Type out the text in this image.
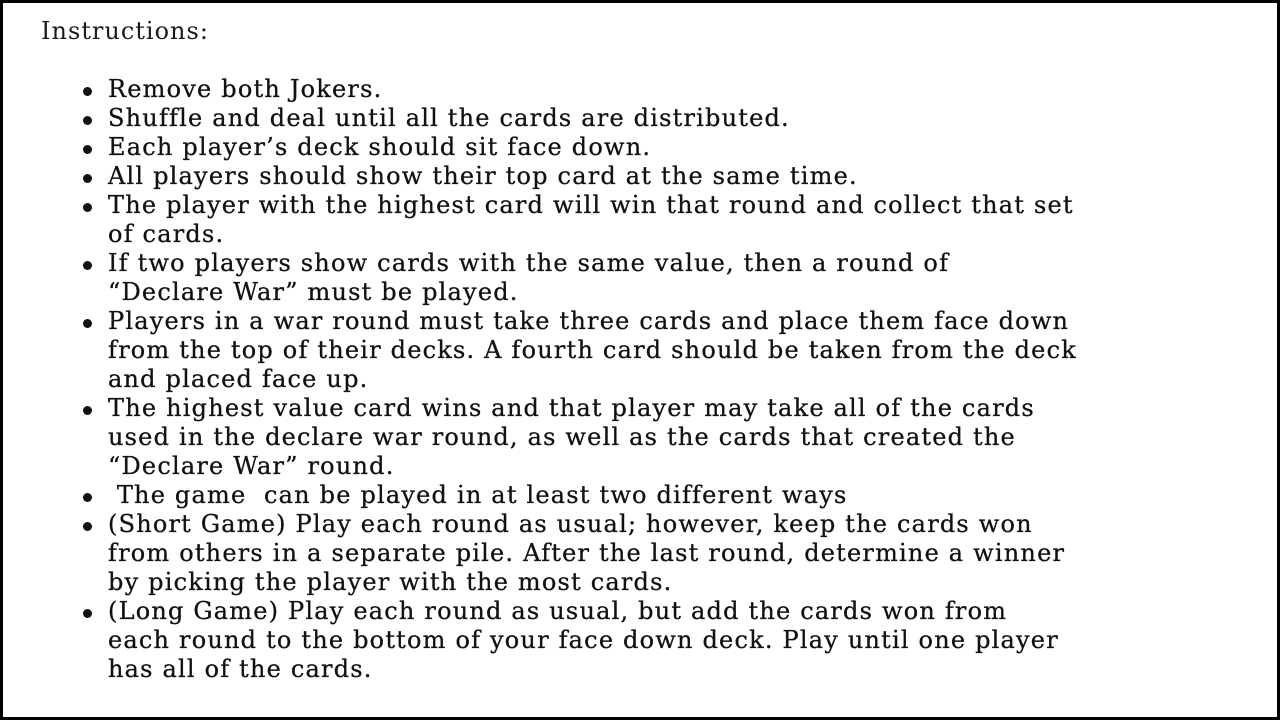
Instructions:
Remove both Jokers.
Shuffle and deal until all the cards are distributed.
Each player’s deck should sit face down.
All players should show their top card at the same time.
The player with the highest card will win that round and collect that set
of cards.
If two players show cards with the same value, then a round of
“Declare War” must be played.
Players in a war round must take three cards and place them face down
from the top of their decks. A fourth card should be taken from the deck
and placed face up.
The highest value card wins and that player may take all of the cards
used in the declare war round, as well as the cards that created the
“Declare War” round.
The game  can be played in at least two different ways
(Short Game) Play each round as usual; however, keep the cards won
from others in a separate pile. After the last round, determine a winner
by picking the player with the most cards.
(Long Game) Play each round as usual, but add the cards won from
each round to the bottom of your face down deck. Play until one player
has all of the cards.
